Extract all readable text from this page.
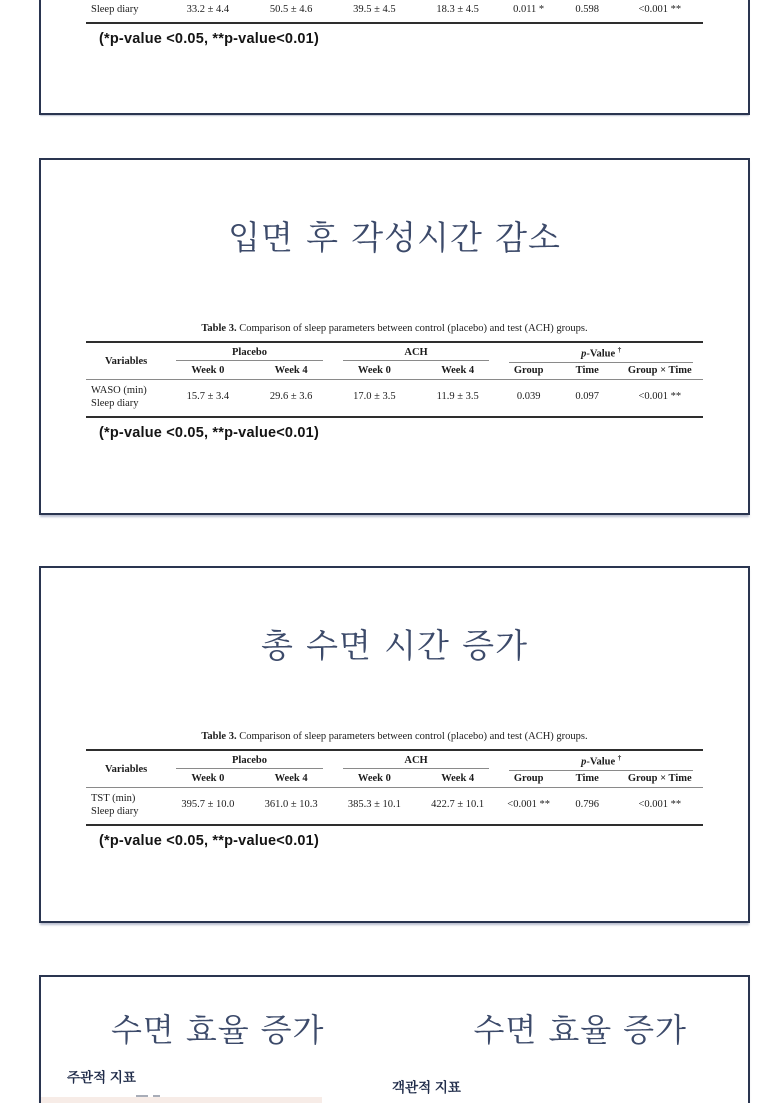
Sleep diary	33.2 ± 4.4	50.5 ± 4.6	39.5 ± 4.5	18.3 ± 4.5	0.011 *	0.598	<0.001 **
(*p-value <0.05, **p-value<0.01)
입면 후 각성시간 감소
Table 3. Comparison of sleep parameters between control (placebo) and test (ACH) groups.
Variables	Placebo		ACH		p-Value †

	Week 0	Week 4	Week 0	Week 4	Group	Time	Group × Time

WASO (min)
Sleep diary	15.7 ± 3.4	29.6 ± 3.6	17.0 ± 3.5	11.9 ± 3.5	0.039	0.097	<0.001 **
(*p-value <0.05, **p-value<0.01)
총 수면 시간 증가
Table 3. Comparison of sleep parameters between control (placebo) and test (ACH) groups.
Variables	Placebo		ACH		p-Value †

	Week 0	Week 4	Week 0	Week 4	Group	Time	Group × Time

TST (min)
Sleep diary	395.7 ± 10.0	361.0 ± 10.3	385.3 ± 10.1	422.7 ± 10.1	<0.001 **	0.796	<0.001 **
(*p-value <0.05, **p-value<0.01)
수면 효율 증가	수면 효율 증가
주관적 지표
객관적 지표
